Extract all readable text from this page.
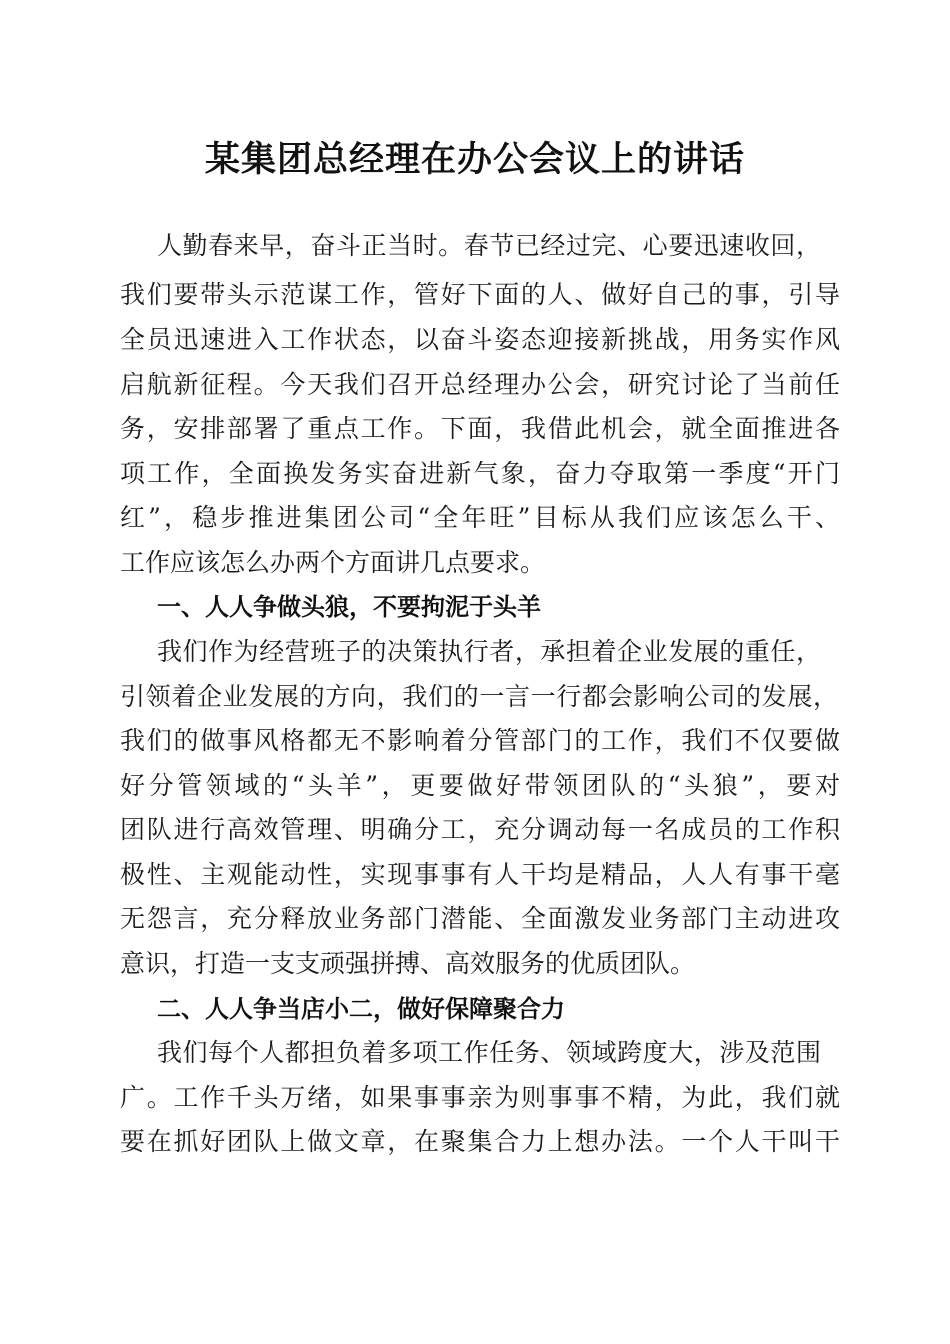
某集团总经理在办公会议上的讲话
人勤春来早，奋斗正当时。春节已经过完、心要迅速收回，
我们要带头示范谋工作，管好下面的人、做好自己的事，引导
全员迅速进入工作状态，以奋斗姿态迎接新挑战，用务实作风
启航新征程。今天我们召开总经理办公会，研究讨论了当前任
务，安排部署了重点工作。下面，我借此机会，就全面推进各
项工作，全面换发务实奋进新气象，奋力夺取第一季度“开门
红”，稳步推进集团公司“全年旺”目标从我们应该怎么干、
工作应该怎么办两个方面讲几点要求。
一、人人争做头狼，不要拘泥于头羊
我们作为经营班子的决策执行者，承担着企业发展的重任，
引领着企业发展的方向，我们的一言一行都会影响公司的发展，
我们的做事风格都无不影响着分管部门的工作，我们不仅要做
好分管领域的“头羊”，更要做好带领团队的“头狼”，要对
团队进行高效管理、明确分工，充分调动每一名成员的工作积
极性、主观能动性，实现事事有人干均是精品，人人有事干毫
无怨言，充分释放业务部门潜能、全面激发业务部门主动进攻
意识，打造一支支顽强拼搏、高效服务的优质团队。
二、人人争当店小二，做好保障聚合力
我们每个人都担负着多项工作任务、领域跨度大，涉及范围
广。工作千头万绪，如果事事亲为则事事不精，为此，我们就
要在抓好团队上做文章，在聚集合力上想办法。一个人干叫干
